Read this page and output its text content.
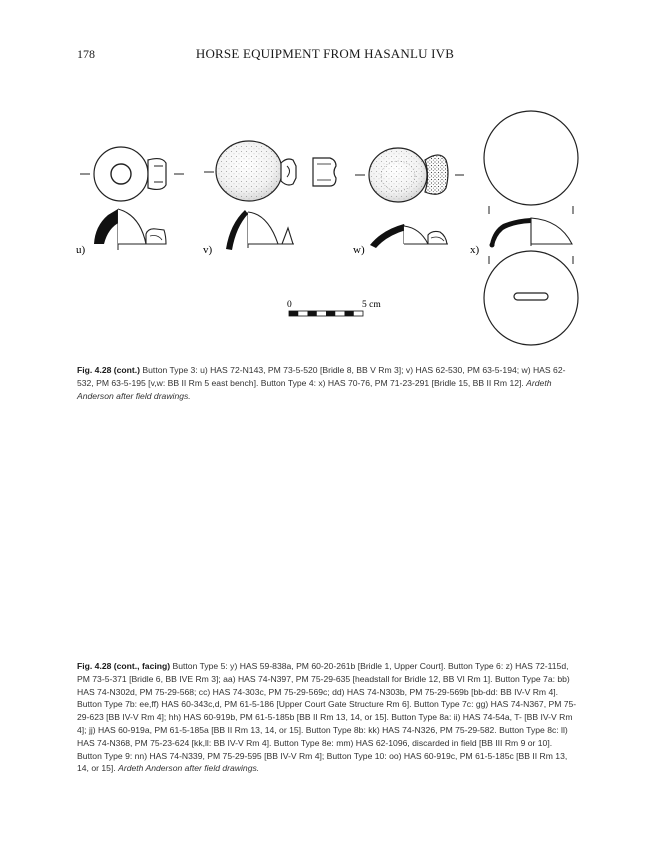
178	HORSE EQUIPMENT FROM HASANLU IVB
u)	v)	w)	x)
0	5 cm
Fig. 4.28 (cont.) Button Type 3: u) HAS 72-N143, PM 73-5-520 [Bridle 8, BB V Rm 3]; v) HAS 62-530, PM 63-5-194; w) HAS 62-532, PM 63-5-195 [v,w: BB II Rm 5 east bench]. Button Type 4: x) HAS 70-76, PM 71-23-291 [Bridle 15, BB II Rm 12]. Ardeth Anderson after field drawings.
Fig. 4.28 (cont., facing) Button Type 5: y) HAS 59-838a, PM 60-20-261b [Bridle 1, Upper Court]. Button Type 6: z) HAS 72-115d, PM 73-5-371 [Bridle 6, BB IVE Rm 3]; aa) HAS 74-N397, PM 75-29-635 [headstall for Bridle 12, BB VI Rm 1]. Button Type 7a: bb) HAS 74-N302d, PM 75-29-568; cc) HAS 74-303c, PM 75-29-569c; dd) HAS 74-N303b, PM 75-29-569b [bb-dd: BB IV-V Rm 4]. Button Type 7b: ee,ff) HAS 60-343c,d, PM 61-5-186 [Upper Court Gate Structure Rm 6]. Button Type 7c: gg) HAS 74-N367, PM 75-29-623 [BB IV-V Rm 4]; hh) HAS 60-919b, PM 61-5-185b [BB II Rm 13, 14, or 15]. Button Type 8a: ii) HAS 74-54a, T- [BB IV-V Rm 4]; jj) HAS 60-919a, PM 61-5-185a [BB II Rm 13, 14, or 15]. Button Type 8b: kk) HAS 74-N326, PM 75-29-582. Button Type 8c: ll) HAS 74-N368, PM 75-23-624 [kk,ll: BB IV-V Rm 4]. Button Type 8e: mm) HAS 62-1096, discarded in field [BB III Rm 9 or 10]. Button Type 9: nn) HAS 74-N339, PM 75-29-595 [BB IV-V Rm 4]; Button Type 10: oo) HAS 60-919c, PM 61-5-185c [BB II Rm 13, 14, or 15]. Ardeth Anderson after field drawings.
